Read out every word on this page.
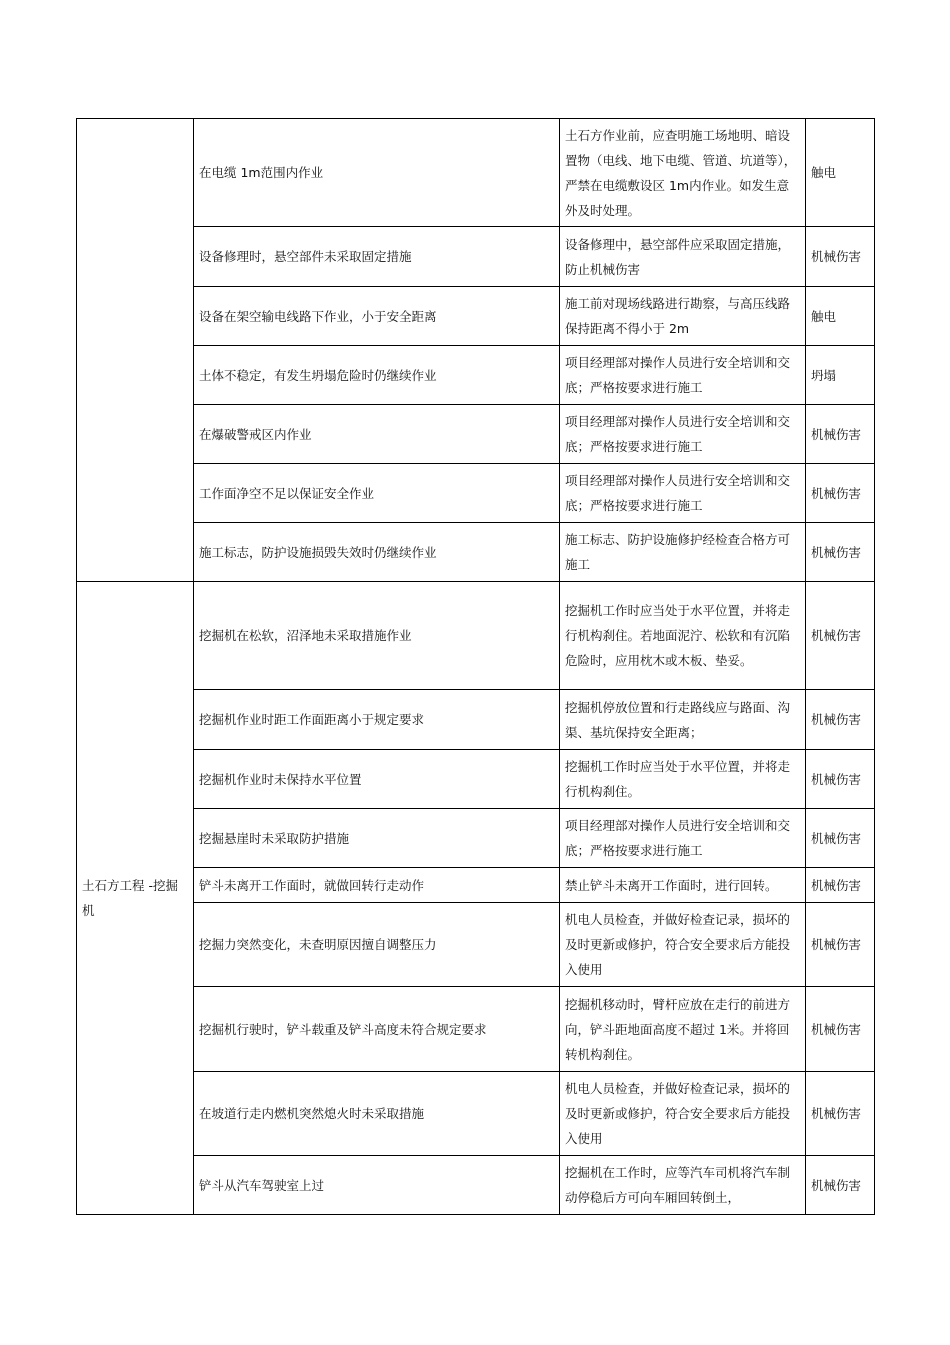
	在电缆 1m范围内作业	土石方作业前，应查明施工场地明、暗设置物（电线、地下电缆、管道、坑道等），严禁在电缆敷设区 1m内作业。如发生意外及时处理。	触电
	设备修理时，悬空部件未采取固定措施	设备修理中，悬空部件应采取固定措施，防止机械伤害	机械伤害
	设备在架空输电线路下作业，小于安全距离	施工前对现场线路进行勘察，与高压线路保持距离不得小于 2m	触电
	土体不稳定，有发生坍塌危险时仍继续作业	项目经理部对操作人员进行安全培训和交底；严格按要求进行施工	坍塌
	在爆破警戒区内作业	项目经理部对操作人员进行安全培训和交底；严格按要求进行施工	机械伤害
	工作面净空不足以保证安全作业	项目经理部对操作人员进行安全培训和交底；严格按要求进行施工	机械伤害
	施工标志，防护设施损毁失效时仍继续作业	施工标志、防护设施修护经检查合格方可施工	机械伤害
土石方工程 -挖掘机	挖掘机在松软，沼泽地未采取措施作业	挖掘机工作时应当处于水平位置，并将走行机构刹住。若地面泥泞、松软和有沉陷危险时，应用枕木或木板、垫妥。	机械伤害
	挖掘机作业时距工作面距离小于规定要求	挖掘机停放位置和行走路线应与路面、沟渠、基坑保持安全距离；	机械伤害
	挖掘机作业时未保持水平位置	挖掘机工作时应当处于水平位置，并将走行机构刹住。	机械伤害
	挖掘悬崖时未采取防护措施	项目经理部对操作人员进行安全培训和交底；严格按要求进行施工	机械伤害
	铲斗未离开工作面时，就做回转行走动作	禁止铲斗未离开工作面时，进行回转。	机械伤害
	挖掘力突然变化，未查明原因擅自调整压力	机电人员检查，并做好检查记录，损坏的及时更新或修护，符合安全要求后方能投入使用	机械伤害
	挖掘机行驶时，铲斗载重及铲斗高度未符合规定要求	挖掘机移动时，臂杆应放在走行的前进方向，铲斗距地面高度不超过 1米。并将回转机构刹住。	机械伤害
	在坡道行走内燃机突然熄火时未采取措施	机电人员检查，并做好检查记录，损坏的及时更新或修护，符合安全要求后方能投入使用	机械伤害
	铲斗从汽车驾驶室上过	挖掘机在工作时，应等汽车司机将汽车制动停稳后方可向车厢回转倒土，	机械伤害
